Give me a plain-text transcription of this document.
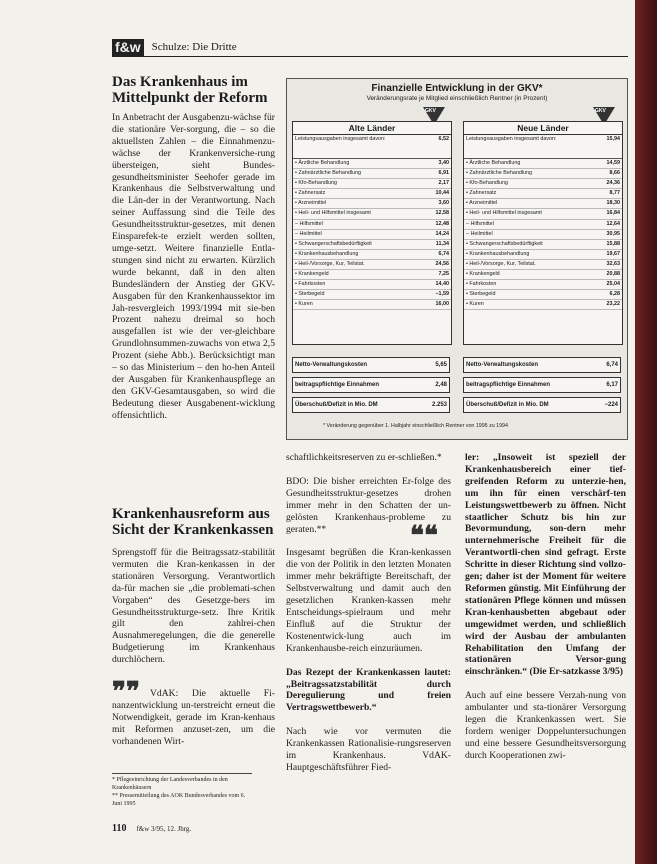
f&w Schulze: Die Dritte
Das Krankenhaus im Mittelpunkt der Reform

In Anbetracht der Ausgabenzu-wächse für die stationäre Ver-sorgung, die – so die aktuellsten Zahlen – die Einnahmenzu-wächse der Krankenversiche-rung übersteigen, sieht Bundes-gesundheitsminister Seehofer gerade im Krankenhaus die Selbstverwaltung und die Län-der in der Verantwortung. Nach seiner Auffassung sind die Teile des Gesundheitsstruktur-gesetzes, mit denen Einsparefek-te erzielt werden sollten, umge-setzt. Weitere finanzielle Entla-stungen sind nicht zu erwarten. Kürzlich wurde bekannt, daß in den alten Bundesländern der Anstieg der GKV-Ausgaben für den Krankenhaussektor im Jah-resvergleich 1993/1994 mit sie-ben Prozent nahezu dreimal so hoch ausgefallen ist wie der ver-gleichbare Grundlohnsummen-zuwachs von etwa 2,5 Prozent (siehe Abb.). Berücksichtigt man – so das Ministerium – den ho-hen Anteil der Ausgaben für Krankenhauspflege an den GKV-Gesamtausgaben, so wird die Bedeutung dieser Ausgabenent-wicklung offensichtlich.

Krankenhausreform aus Sicht der Krankenkassen

Sprengstoff für die Beitragssatz-stabilität vermuten die Kran-kenkassen in der stationären Versorgung. Verantwortlich da-für machen sie „die problemati-schen Vorgaben“ des Gesetzge-bers im Gesundheitsstrukturge-setz. Ihre Kritik gilt den zahlrei-chen Ausnahmeregelungen, die die generelle Budgetierung im Krankenhaus durchlöchern.

❞❞	VdAK: Die aktuelle Fi-nanzentwicklung un-terstreicht erneut die Notwendigkeit, gerade im Kran-kenhaus mit Reformen anzuset-zen, um die vorhandenen Wirt-

* Pflegeeinrichtung der Landesverbandes in den Krankenhäusern
** Pressemitteilung des AOK Bundesverbandes vom 6. Juni 1995
110 f&w 3/95, 12. Jhrg.
Finanzielle Entwicklung in der GKV*
Veränderungsrate je Mitglied einschließlich Rentner (in Prozent)
GKV	GKV
Alte Länder
Leistungsausgaben insgesamt davon:	6,52
• Ärztliche Behandlung	3,40
• Zahnärztliche Behandlung	6,91
• Kfo-Behandlung	2,17
• Zahnersatz	10,44
• Arzneimittel	3,60
• Heil- und Hilfsmittel insgesamt	12,58
– Hilfsmittel	12,48
– Heilmittel	14,24
• Schwangerschaftsbedürftigkeit	11,34
• Krankenhausbehandlung	6,74
• Heil-/Vorsorge, Kur, Teilstat.	24,56
• Krankengeld	7,25
• Fahrkosten	14,40
• Sterbegeld	−1,59
• Kuren	16,00
Neue Länder
Leistungsausgaben insgesamt davon:	15,94
• Ärztliche Behandlung	14,59
• Zahnärztliche Behandlung	8,66
• Kfo-Behandlung	24,36
• Zahnersatz	8,77
• Arzneimittel	18,30
• Heil- und Hilfsmittel insgesamt	16,84
– Hilfsmittel	12,64
– Heilmittel	30,95
• Schwangerschaftsbedürftigkeit	15,88
• Krankenhausbehandlung	19,67
• Heil-/Vorsorge, Kur, Teilstat.	32,63
• Krankengeld	20,88
• Fahrkosten	25,04
• Sterbegeld	6,28
• Kuren	23,22
Netto-Verwaltungskosten	5,65	Netto-Verwaltungskosten	6,74
beitragspflichtige Einnahmen	2,48	beitragspflichtige Einnahmen	6,17
Überschuß/Defizit in Mio. DM	2.253	Überschuß/Defizit in Mio. DM	−224
* Veränderung gegenüber 1. Halbjahr einschließlich Rentner von 1995 zu 1994

schaftlichkeitsreserven zu er-schließen.*

BDO: Die bisher erreichten Er-folge des Gesundheitsstruktur-gesetzes drohen immer mehr in den Schatten der un-gelösten Krankenhaus-probleme zu geraten.**

Insgesamt begrüßen die Kran-kenkassen die von der Politik in den letzten Monaten immer mehr bekräftigte Bereitschaft, der Selbstverwaltung und damit auch den gesetzlichen Kranken-kassen mehr Entscheidungs-spielraum und mehr Einfluß auf die Struktur der Kostenentwick-lung auch im Krankenhausbe-reich einzuräumen.

Das Rezept der Krankenkassen lautet: „Beitragssatzstabilität durch Deregulierung und freien Vertragswettbewerb.“

Nach wie vor vermuten die Krankenkassen Rationalisie-rungsreserven im Krankenhaus. VdAK-Hauptgeschäftsführer Fied-

❝❝

ler: „Insoweit ist speziell der Krankenhausbereich einer tief-greifenden Reform zu unterzie-hen, um ihn für einen verschärf-ten Leistungswettbewerb zu öffnen. Nicht staatlicher Schutz bis hin zur Bevormundung, son-dern mehr unternehmerische Freiheit für die Verantwortli-chen sind gefragt. Erste Schritte in dieser Richtung sind vollzo-gen; daher ist der Moment für weitere Reformen günstig. Mit Einführung der stationären Pflege können und müssen Kran-kenhausbetten abgebaut oder umgewidmet werden, und schließlich wird der Ausbau der ambulanten Rehabilitation den Umfang der stationären Versor-gung einschränken.“ (Die Er-satzkasse 3/95)

Auch auf eine bessere Verzah-nung von ambulanter und sta-tionärer Versorgung legen die Krankenkassen wert. Sie fordern weniger Doppeluntersuchungen und eine bessere Gesundheitsversorgung durch Kooperationen zwi-
